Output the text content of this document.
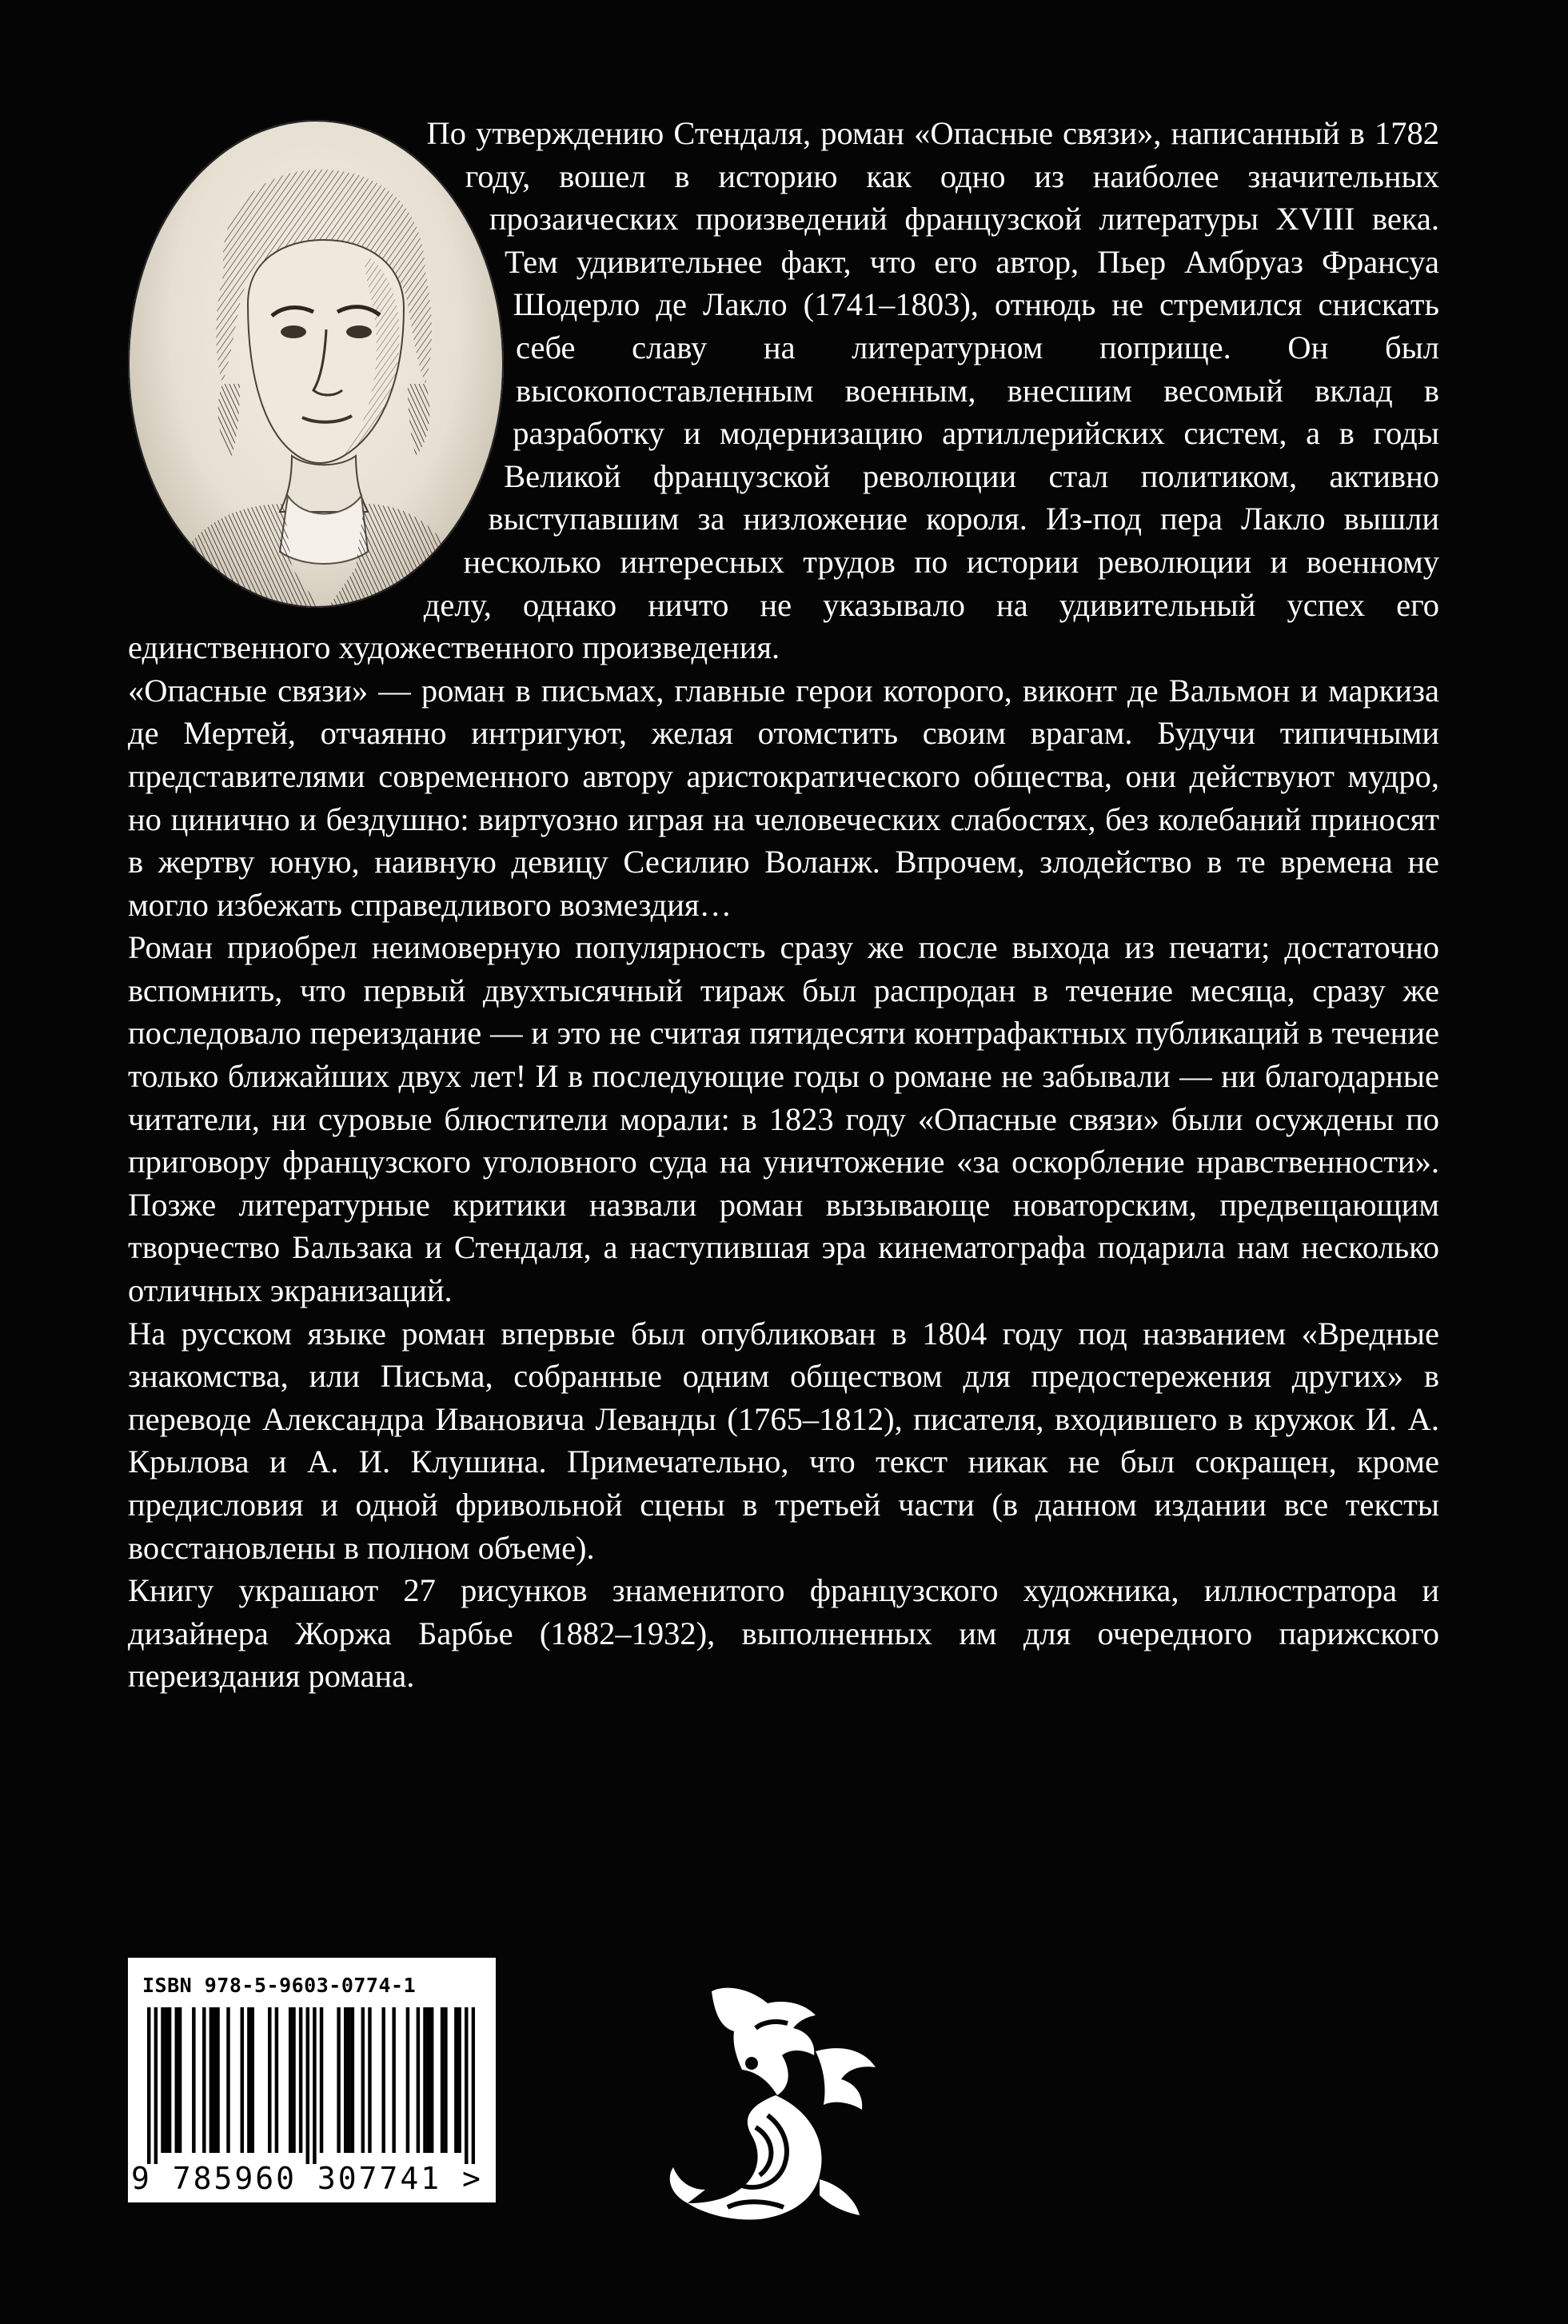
По утверждению Стендаля, роман «Опасные связи», написанный в 1782 году, вошел в историю как одно из наиболее значительных прозаических произведений французской литературы XVIII века. Тем удивительнее факт, что его автор, Пьер Амбруаз Франсуа Шодерло де Лакло (1741–1803), отнюдь не стремился снискать себе славу на литературном поприще. Он был высокопоставленным военным, внесшим весомый вклад в разработку и модернизацию артиллерийских систем, а в годы Великой французской революции стал политиком, активно выступавшим за низложение короля. Из-под пера Лакло вышли несколько интересных трудов по истории революции и военному делу, однако ничто не указывало на удивительный успех его единственного художественного произведения.

«Опасные связи» — роман в письмах, главные герои которого, виконт де Вальмон и маркиза де Мертей, отчаянно интригуют, желая отомстить своим врагам. Будучи типичными представителями современного автору аристократического общества, они действуют мудро, но цинично и бездушно: виртуозно играя на человеческих слабостях, без колебаний приносят в жертву юную, наивную девицу Сесилию Воланж. Впрочем, злодейство в те времена не могло избежать справедливого возмездия…

Роман приобрел неимоверную популярность сразу же после выхода из печати; достаточно вспомнить, что первый двухтысячный тираж был распродан в течение месяца, сразу же последовало переиздание — и это не считая пятидесяти контрафактных публикаций в течение только ближайших двух лет! И в последующие годы о романе не забывали — ни благодарные читатели, ни суровые блюстители морали: в 1823 году «Опасные связи» были осуждены по приговору французского уголовного суда на уничтожение «за оскорбление нравственности». Позже литературные критики назвали роман вызывающе новаторским, предвещающим творчество Бальзака и Стендаля, а наступившая эра кинематографа подарила нам несколько отличных экранизаций.

На русском языке роман впервые был опубликован в 1804 году под названием «Вредные знакомства, или Письма, собранные одним обществом для предостережения других» в переводе Александра Ивановича Леванды (1765–1812), писателя, входившего в кружок И. А. Крылова и А. И. Клушина. Примечательно, что текст никак не был сокращен, кроме предисловия и одной фривольной сцены в третьей части (в данном издании все тексты восстановлены в полном объеме).

Книгу украшают 27 рисунков знаменитого французского художника, иллюстратора и дизайнера Жоржа Барбье (1882–1932), выполненных им для очередного парижского переиздания романа.

ISBN 978-5-9603-0774-1
9 785960 307741 >
